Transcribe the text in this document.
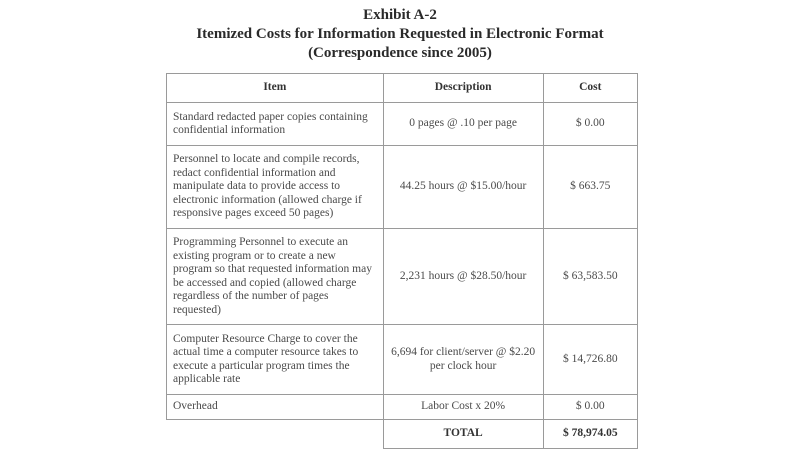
Exhibit A-2
Itemized Costs for Information Requested in Electronic Format
(Correspondence since 2005)
Item	Description	Cost
Standard redacted paper copies containing confidential information	0 pages @ .10 per page	$ 0.00
Personnel to locate and compile records, redact confidential information and manipulate data to provide access to electronic information (allowed charge if responsive pages exceed 50 pages)	44.25 hours @ $15.00/hour	$ 663.75
Programming Personnel to execute an existing program or to create a new program so that requested information may be accessed and copied (allowed charge regardless of the number of pages requested)	2,231 hours @ $28.50/hour	$ 63,583.50
Computer Resource Charge to cover the actual time a computer resource takes to execute a particular program times the applicable rate	6,694 for client/server @ $2.20 per clock hour	$ 14,726.80
Overhead	Labor Cost x 20%	$ 0.00
	TOTAL	$ 78,974.05
